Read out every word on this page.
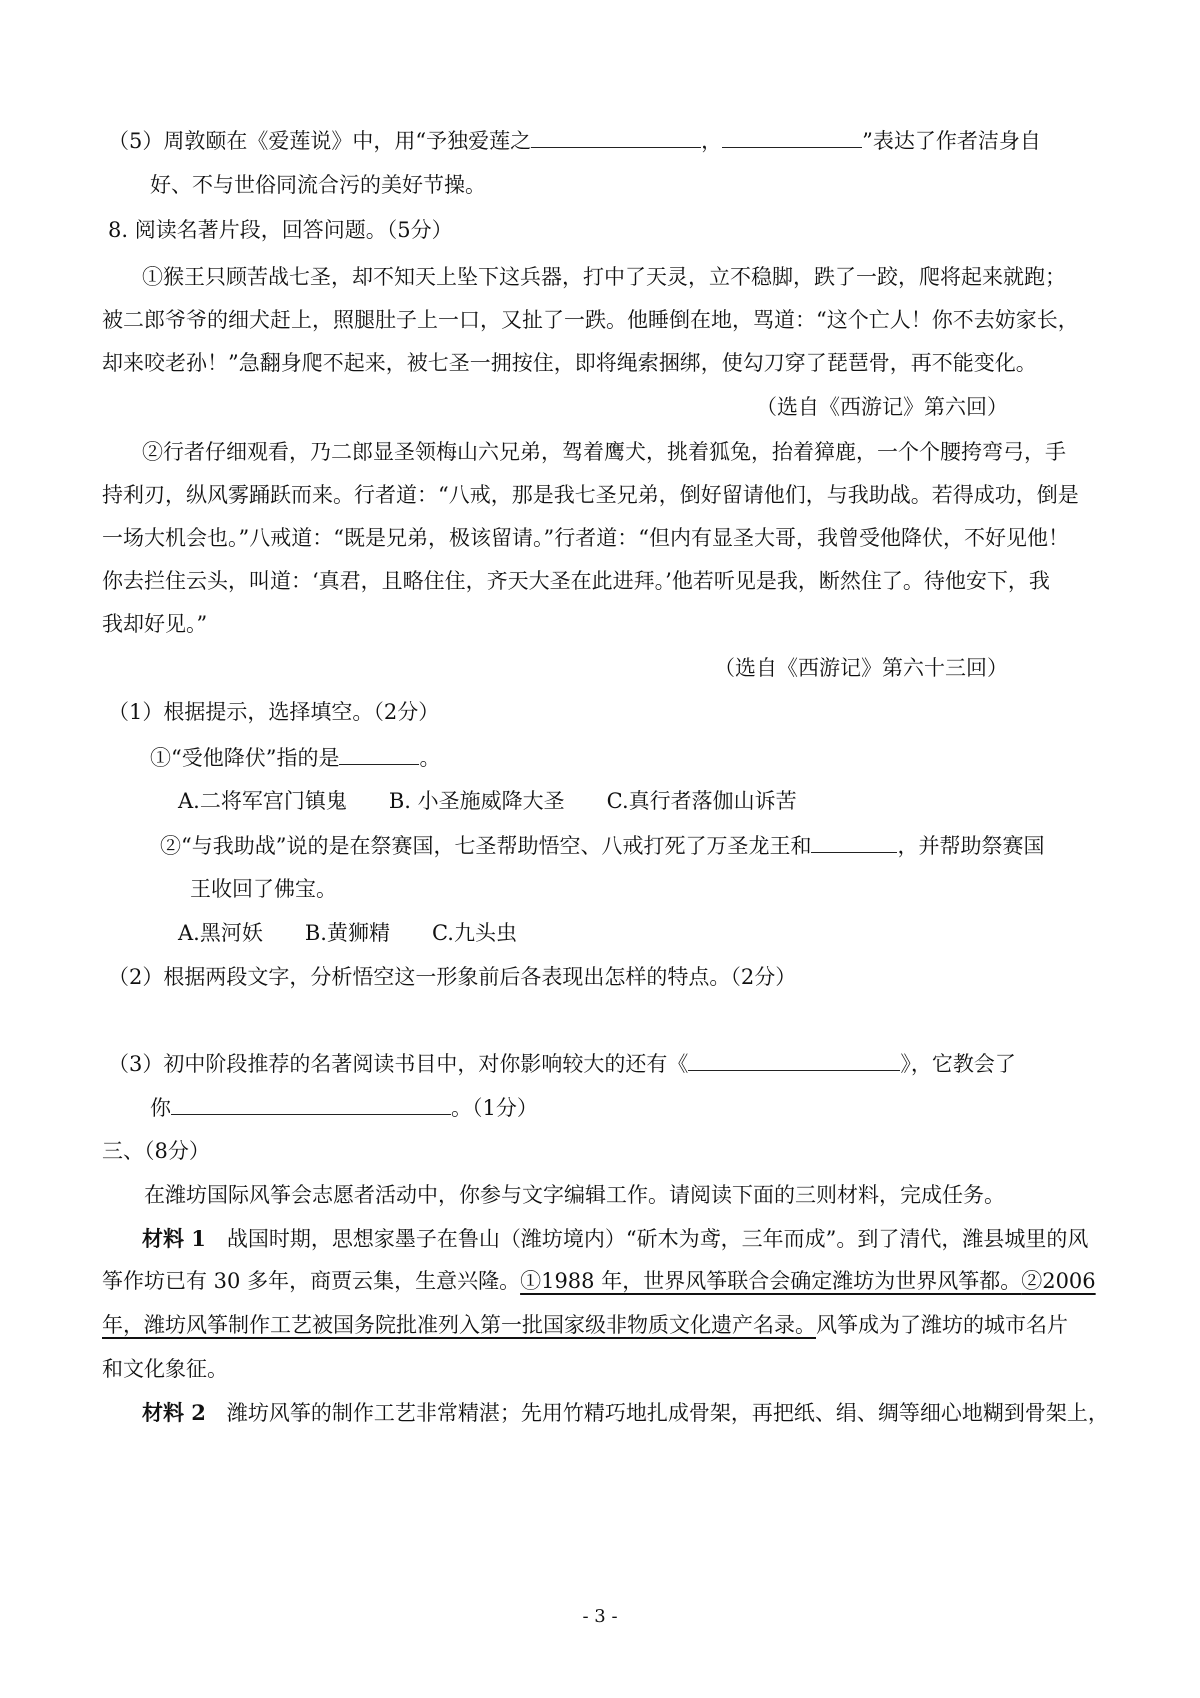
（5）周敦颐在《爱莲说》中，用“予独爱莲之	，	”表达了作者洁身自
好、不与世俗同流合污的美好节操。
8. 阅读名著片段，回答问题。（5分）
①猴王只顾苦战七圣，却不知天上坠下这兵器，打中了天灵，立不稳脚，跌了一跤，爬将起来就跑；
被二郎爷爷的细犬赶上，照腿肚子上一口，又扯了一跌。他睡倒在地，骂道：“这个亡人！你不去妨家长，
却来咬老孙！”急翻身爬不起来，被七圣一拥按住，即将绳索捆绑，使勾刀穿了琵琶骨，再不能变化。
（选自《西游记》第六回）
②行者仔细观看，乃二郎显圣领梅山六兄弟，驾着鹰犬，挑着狐兔，抬着獐鹿，一个个腰挎弯弓，手
持利刃，纵风雾踊跃而来。行者道：“八戒，那是我七圣兄弟，倒好留请他们，与我助战。若得成功，倒是
一场大机会也。”八戒道：“既是兄弟，极该留请。”行者道：“但内有显圣大哥，我曾受他降伏，不好见他！
你去拦住云头，叫道：‘真君，且略住住，齐天大圣在此进拜。’他若听见是我，断然住了。待他安下，我
我却好见。”
（选自《西游记》第六十三回）
（1）根据提示，选择填空。（2分）
①“受他降伏”指的是	。
A.二将军宫门镇鬼　　B. 小圣施威降大圣　　C.真行者落伽山诉苦
②“与我助战”说的是在祭赛国，七圣帮助悟空、八戒打死了万圣龙王和	，并帮助祭赛国
王收回了佛宝。
A.黑河妖　　B.黄狮精　　C.九头虫
（2）根据两段文字，分析悟空这一形象前后各表现出怎样的特点。（2分）
（3）初中阶段推荐的名著阅读书目中，对你影响较大的还有《	》，它教会了
你	。（1分）
三、（8分）
在潍坊国际风筝会志愿者活动中，你参与文字编辑工作。请阅读下面的三则材料，完成任务。
材料 1　战国时期，思想家墨子在鲁山（潍坊境内）“斫木为鸢，三年而成”。到了清代，潍县城里的风
筝作坊已有 30 多年，商贾云集，生意兴隆。①1988 年，世界风筝联合会确定潍坊为世界风筝都。②2006
年，潍坊风筝制作工艺被国务院批准列入第一批国家级非物质文化遗产名录。风筝成为了潍坊的城市名片
和文化象征。
材料 2　潍坊风筝的制作工艺非常精湛；先用竹精巧地扎成骨架，再把纸、绢、绸等细心地糊到骨架上，
- 3 -
